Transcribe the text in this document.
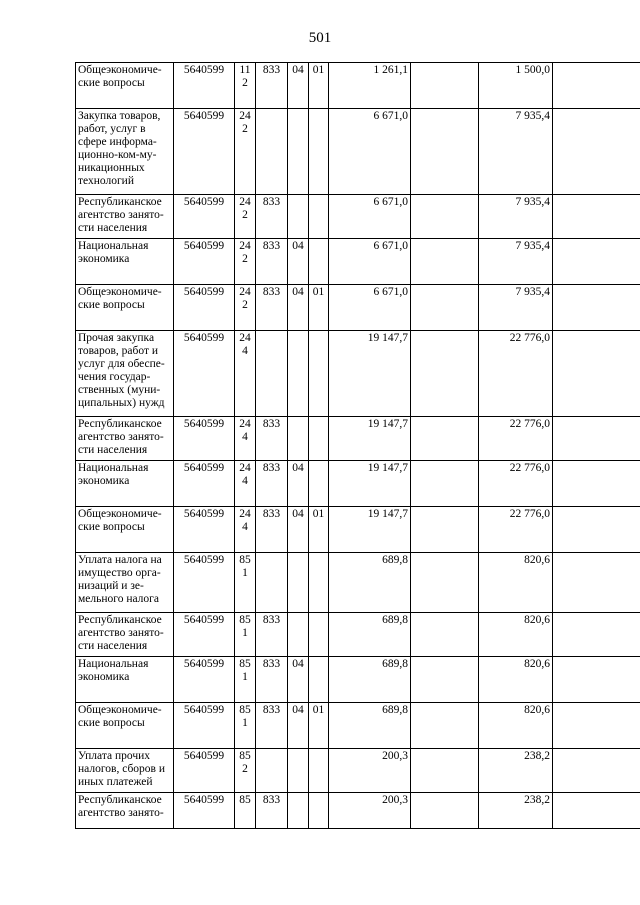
501
Общеэкономиче-ские вопросы	5640599	112	833	04	01	1 261,1		1 500,0	
Закупка товаров, работ, услуг в сфере информа-ционно-ком-му-никационных технологий	5640599	242				6 671,0		7 935,4	
Республиканское агентство занято-сти населения	5640599	242	833			6 671,0		7 935,4	
Национальная экономика	5640599	242	833	04		6 671,0		7 935,4	
Общеэкономиче-ские вопросы	5640599	242	833	04	01	6 671,0		7 935,4	
Прочая закупка товаров, работ и услуг для обеспе-чения государ-ственных (муни-ципальных) нужд	5640599	244				19 147,7		22 776,0	
Республиканское агентство занято-сти населения	5640599	244	833			19 147,7		22 776,0	
Национальная экономика	5640599	244	833	04		19 147,7		22 776,0	
Общеэкономиче-ские вопросы	5640599	244	833	04	01	19 147,7		22 776,0	
Уплата налога на имущество орга-низаций и зе-мельного налога	5640599	851				689,8		820,6	
Республиканское агентство занято-сти населения	5640599	851	833			689,8		820,6	
Национальная экономика	5640599	851	833	04		689,8		820,6	
Общеэкономиче-ские вопросы	5640599	851	833	04	01	689,8		820,6	
Уплата прочих налогов, сборов и иных платежей	5640599	852				200,3		238,2	
Республиканское агентство занято-	5640599	85	833			200,3		238,2	
